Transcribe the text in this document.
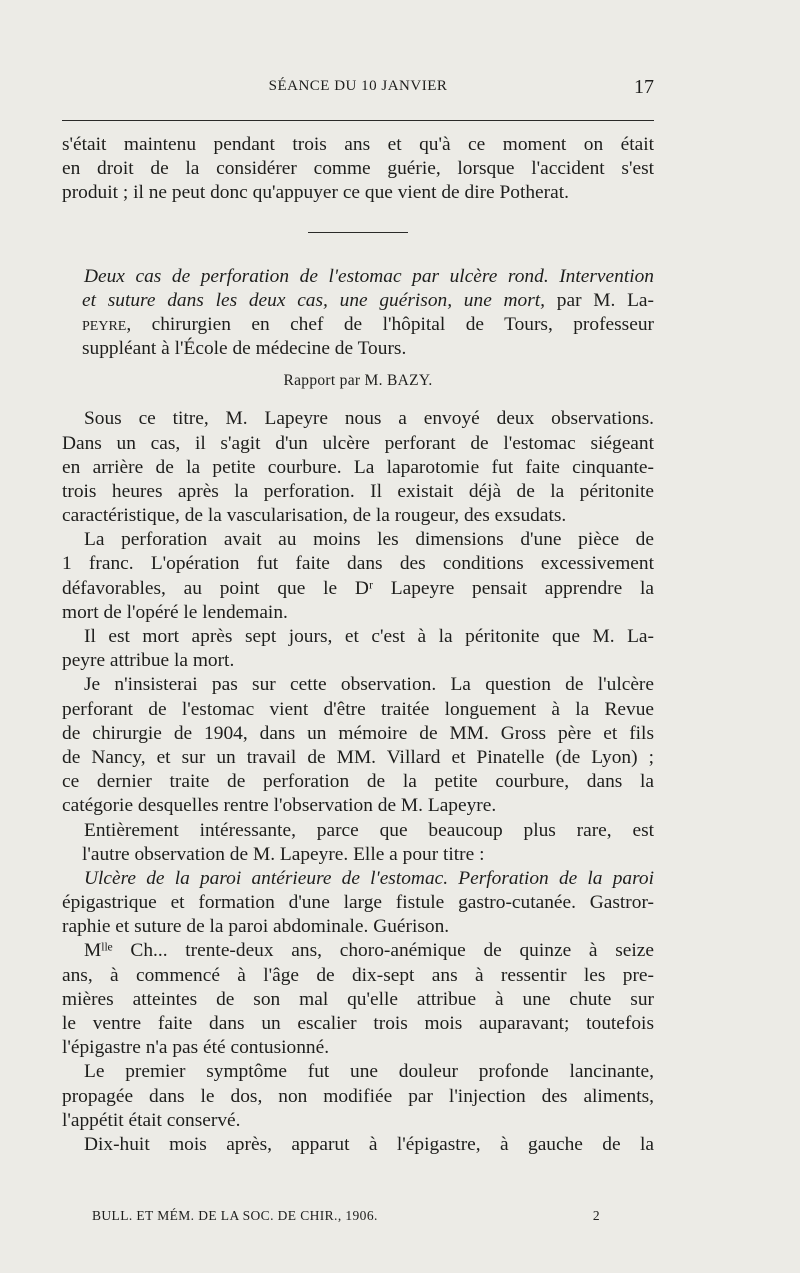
SÉANCE DU 10 JANVIER	17
s'était maintenu pendant trois ans et qu'à ce moment on était
en droit de la considérer comme guérie, lorsque l'accident s'est
produit ; il ne peut donc qu'appuyer ce que vient de dire Potherat.
Deux cas de perforation de l'estomac par ulcère rond. Intervention
et suture dans les deux cas, une guérison, une mort, par M. La-
peyre, chirurgien en chef de l'hôpital de Tours, professeur
suppléant à l'École de médecine de Tours.
Rapport par M. BAZY.
Sous ce titre, M. Lapeyre nous a envoyé deux observations.
Dans un cas, il s'agit d'un ulcère perforant de l'estomac siégeant
en arrière de la petite courbure. La laparotomie fut faite cinquante-
trois heures après la perforation. Il existait déjà de la péritonite
caractéristique, de la vascularisation, de la rougeur, des exsudats.
La perforation avait au moins les dimensions d'une pièce de
1 franc. L'opération fut faite dans des conditions excessivement
défavorables, au point que le Dʳ Lapeyre pensait apprendre la
mort de l'opéré le lendemain.
Il est mort après sept jours, et c'est à la péritonite que M. La-
peyre attribue la mort.
Je n'insisterai pas sur cette observation. La question de l'ulcère
perforant de l'estomac vient d'être traitée longuement à la Revue
de chirurgie de 1904, dans un mémoire de MM. Gross père et fils
de Nancy, et sur un travail de MM. Villard et Pinatelle (de Lyon) ;
ce dernier traite de perforation de la petite courbure, dans la
catégorie desquelles rentre l'observation de M. Lapeyre.
Entièrement intéressante, parce que beaucoup plus rare, est
l'autre observation de M. Lapeyre. Elle a pour titre :
Ulcère de la paroi antérieure de l'estomac. Perforation de la paroi
épigastrique et formation d'une large fistule gastro-cutanée. Gastror-
raphie et suture de la paroi abdominale. Guérison.
Mˡˡᵉ Ch... trente-deux ans, choro-anémique de quinze à seize
ans, à commencé à l'âge de dix-sept ans à ressentir les pre-
mières atteintes de son mal qu'elle attribue à une chute sur
le ventre faite dans un escalier trois mois auparavant; toutefois
l'épigastre n'a pas été contusionné.
Le premier symptôme fut une douleur profonde lancinante,
propagée dans le dos, non modifiée par l'injection des aliments,
l'appétit était conservé.
Dix-huit mois après, apparut à l'épigastre, à gauche de la
BULL. ET MÉM. DE LA SOC. DE CHIR., 1906.	2
